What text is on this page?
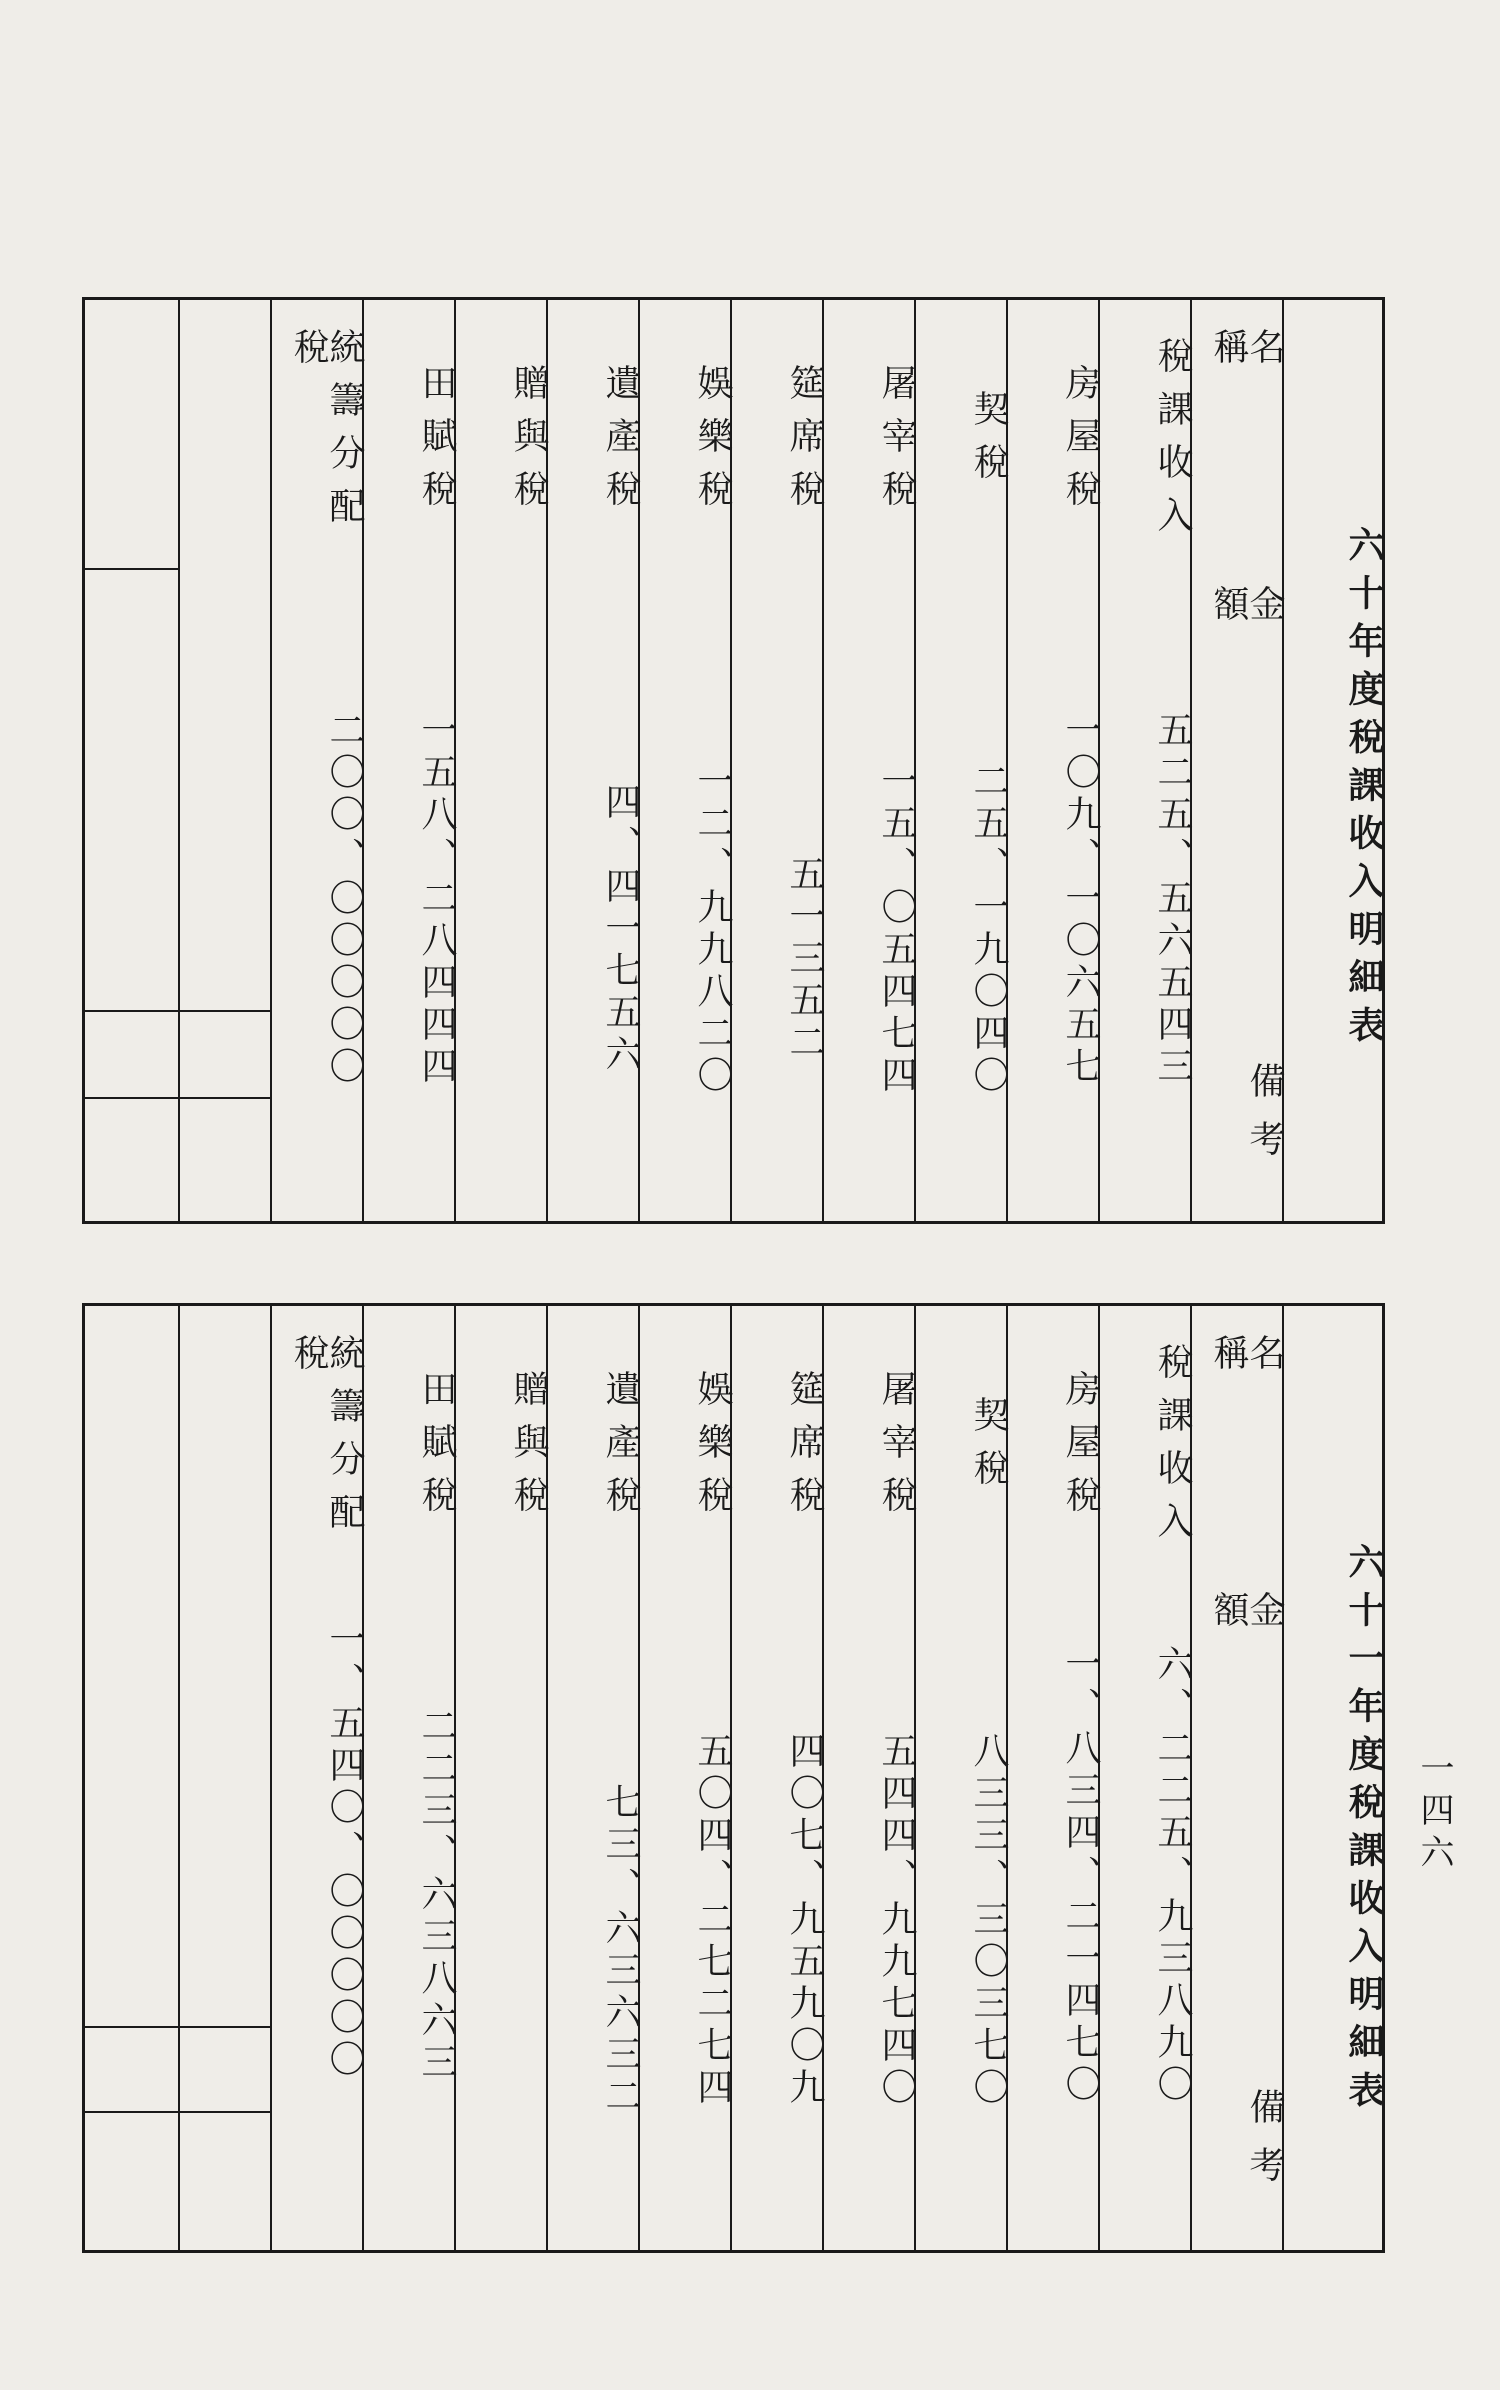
一四六
統籌分配稅
二〇〇、〇〇〇〇〇
田賦稅
一五八、二八四四四
贈與稅	遺產稅
四、四一七五六
娛樂稅
一二、九九八二〇
筵席稅
五一三五二
屠宰稅
一五、〇五四七四
契稅
二五、一九〇四〇
房屋稅
一〇九、一〇六五七
稅課收入
五二五、五六五四三
名稱
金額
備考
六十年度稅課收入明細表
統籌分配稅
一、五四〇、〇〇〇〇〇
田賦稅
二二三、六三八六三
贈與稅	遺產稅
七三、六三六三二
娛樂稅
五〇四、二七二七四
筵席稅
四〇七、九五九〇九
屠宰稅
五四四、九九七四〇
契稅
八三三、三〇三七〇
房屋稅
一、八三四、二一四七〇
稅課收入
六、二二五、九三八九〇
名稱
金額
備考
六十一年度稅課收入明細表
